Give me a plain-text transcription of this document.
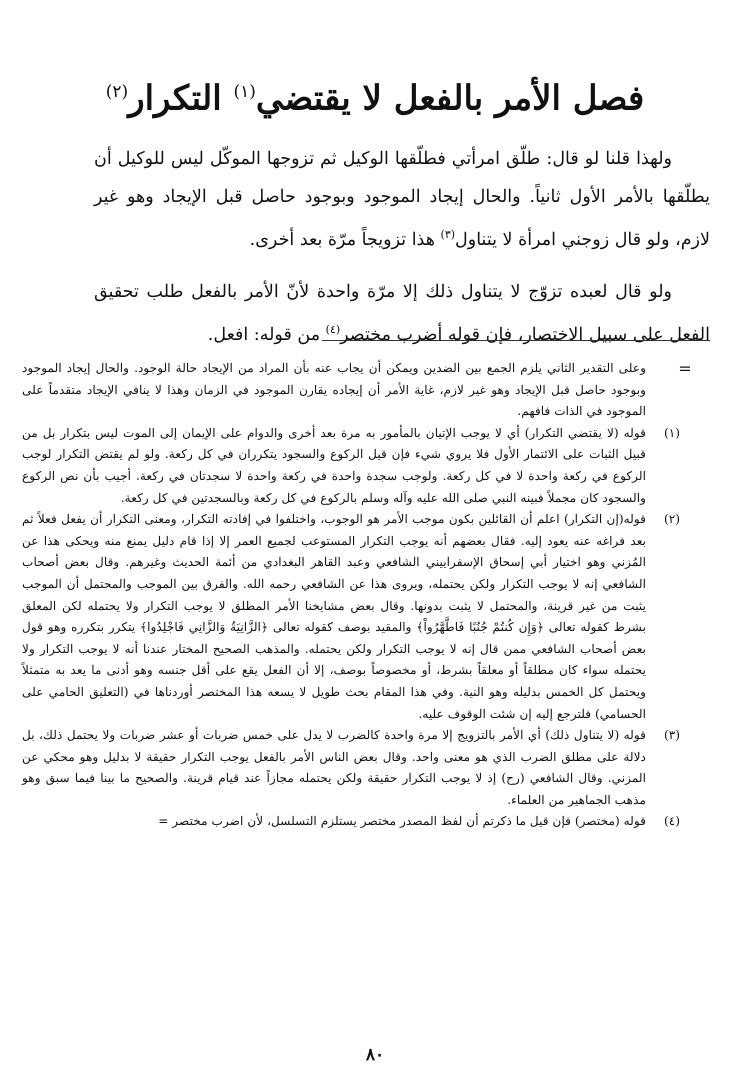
فصل الأمر بالفعل لا يقتضي$^{(١)}$ التكرار$^{(٢)}$

ولهذا قلنا لو قال: طلّق امرأتي فطلّقها الوكيل ثم تزوجها الموكّل ليس للوكيل أن يطلّقها بالأمر الأول ثانياً. والحال إيجاد الموجود وبوجود حاصل قبل الإيجاد وهو غير لازم، ولو قال زوجني امرأة لا يتناول$^{(٣)}$ هذا تزويجاً مرّة بعد أخرى.

ولو قال لعبده تزوّج لا يتناول ذلك إلا مرّة واحدة لأنّ الأمر بالفعل طلب تحقيق الفعل على سبيل الاختصار، فإن قوله أضرب مختصر$^{(٤)}$ من قوله: افعل.

=

وعلى التقدير الثاني يلزم الجمع بين الضدين ويمكن أن يجاب عنه بأن المراد من الإيجاد حالة الوجود. والحال إيجاد الموجود وبوجود حاصل قبل الإيجاد وهو غير لازم، غاية الأمر أن إيجاده يقارن الموجود في الزمان وهذا لا ينافي الإيجاد متقدماً على الموجود في الذات فافهم.

(١)
قوله (لا يقتضي التكرار) أي لا يوجب الإتيان بالمأمور به مرة بعد أخرى والدوام على الإيمان إلى الموت ليس بتكرار بل من قبيل الثبات على الائتمار الأول فلا يروي شيء فإن قيل الركوع والسجود يتكرران في كل ركعة. ولو لم يقتض التكرار لوجب الركوع في ركعة واحدة لا في كل ركعة. ولوجب سجدة واحدة في ركعة واحدة لا سجدتان في ركعة. أجيب بأن نص الركوع والسجود كان مجملاً فبينه النبي صلى الله عليه وآله وسلم بالركوع في كل ركعة وبالسجدتين في كل ركعة.

(٢)
قوله(إن التكرار) اعلم أن القائلين بكون موجب الأمر هو الوجوب، واختلفوا في إفادته التكرار، ومعنى التكرار أن يفعل فعلاً ثم بعد فراغه عنه يعود إليه. فقال بعضهم أنه يوجب التكرار المستوعب لجميع العمر إلا إذا قام دليل يمنع منه ويحكى هذا عن المُزني وهو اختيار أبي إسحاق الإسفراييني الشافعي وعبد القاهر البغدادي من أئمة الحديث وغيرهم. وقال بعض أصحاب الشافعي إنه لا يوجب التكرار ولكن يحتمله، ويروى هذا عن الشافعي رحمه الله. والفرق بين الموجب والمحتمل أن الموجب يثبت من غير قرينة، والمحتمل لا يثبت بدونها. وقال بعض مشايخنا الأمر المطلق لا يوجب التكرار ولا يحتمله لكن المعلق بشرط كقوله تعالى ﴿وَإِن كُنتُمْ جُنُبًا فَاطَّهَّرُواْ﴾ والمقيد بوصف كقوله تعالى ﴿الزَّانِيَةُ وَالزَّانِي فَاجْلِدُوا﴾ يتكرر بتكرره وهو قول بعض أصحاب الشافعي ممن قال إنه لا يوجب التكرار ولكن يحتمله. والمذهب الصحيح المختار عندنا أنه لا يوجب التكرار ولا يحتمله سواء كان مطلقاً أو معلقاً بشرط، أو مخصوصاً بوصف، إلا أن الفعل يقع على أقل جنسه وهو أدنى ما يعد به متمثلاً ويحتمل كل الخمس بدليله وهو النية. وفي هذا المقام بحث طويل لا يسعه هذا المختصر أوردناها في (التعليق الحامي على الحسامي) فلترجع إليه إن شئت الوقوف عليه.

(٣)
قوله (لا يتناول ذلك) أي الأمر بالتزويج إلا مرة واحدة كالضرب لا يدل على خمس ضربات أو عشر ضربات ولا يحتمل ذلك، بل دلالة على مطلق الضرب الذي هو معنى واحد. وقال بعض الناس الأمر بالفعل يوجب التكرار حقيقة لا بدليل وهو محكي عن المزني. وقال الشافعي (رح) إذ لا يوجب التكرار حقيقة ولكن يحتمله مجازاً عند قيام قرينة. والصحيح ما بينا فيما سبق وهو مذهب الجماهير من العلماء.

(٤)
قوله (مختصر) فإن قيل ما ذكرتم أن لفظ المصدر مختصر يستلزم التسلسل، لأن اضرب مختصر =

٨٠
